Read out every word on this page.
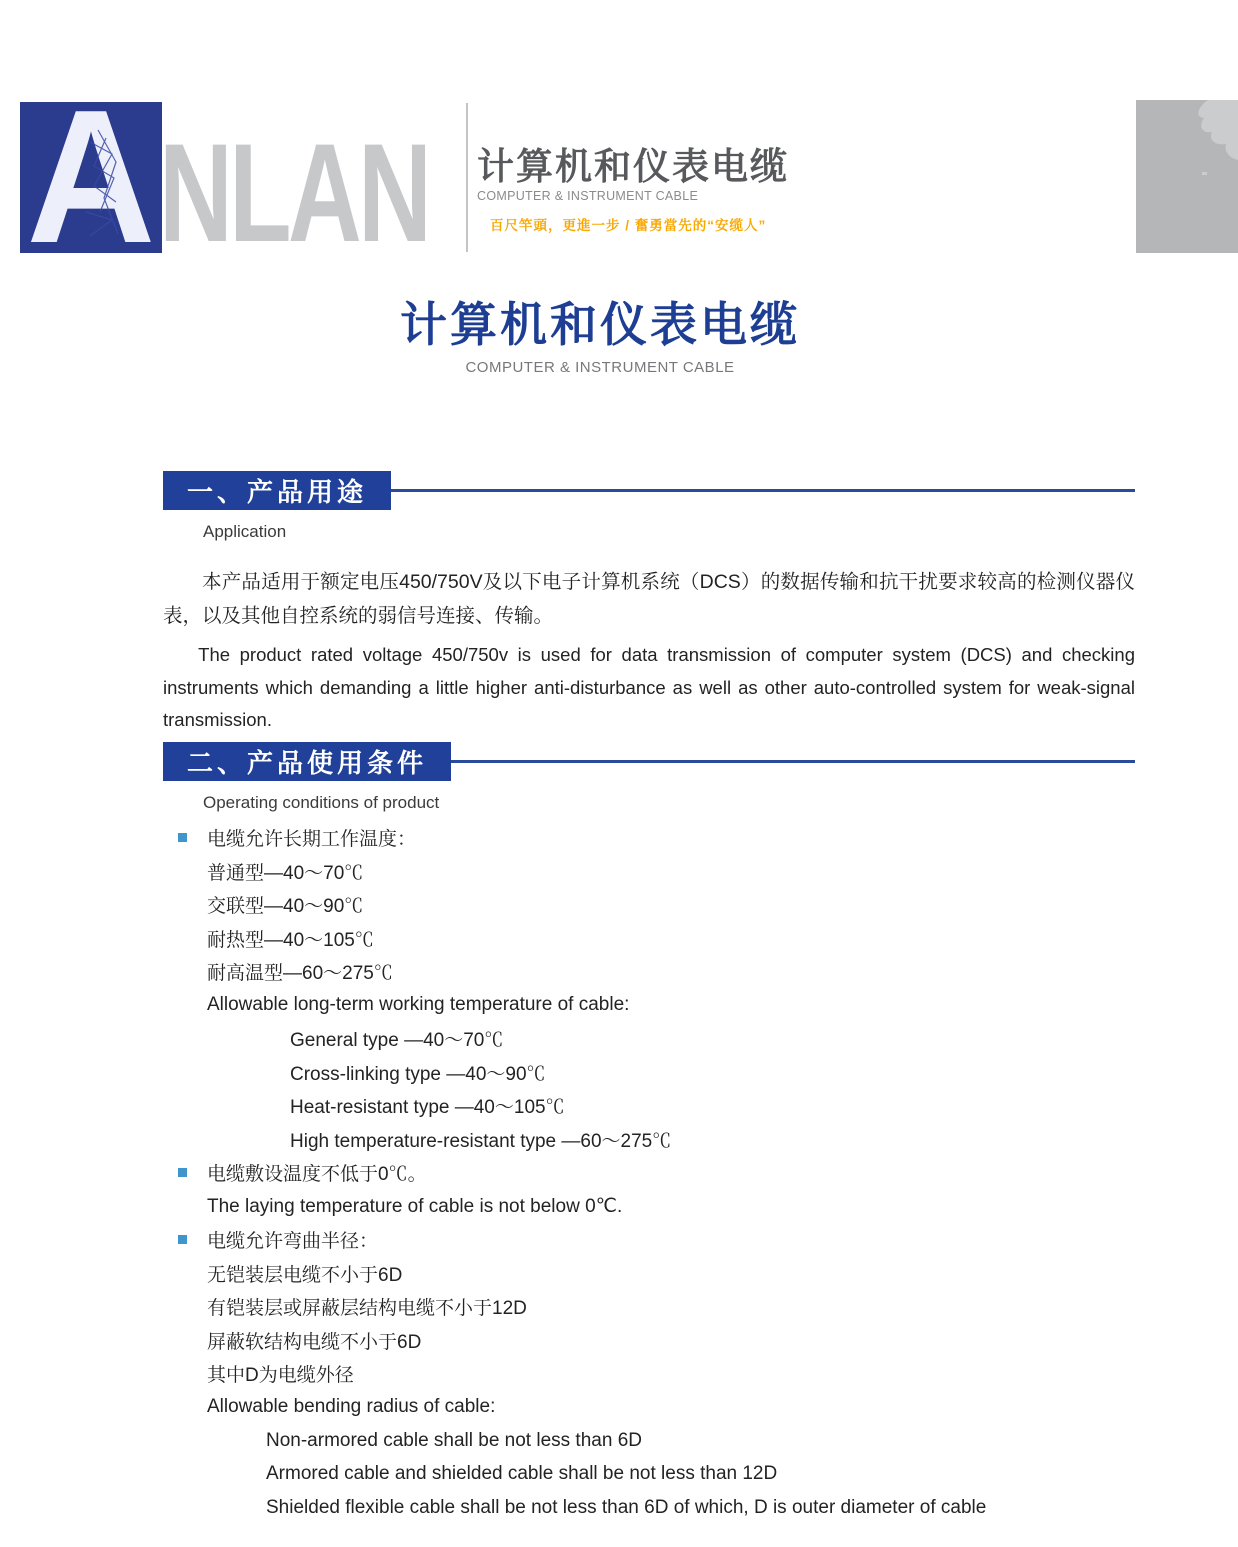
A NLAN 计算机和仪表电缆
COMPUTER & INSTRUMENT CABLE
百尺竿頭，更進一步 / 奮勇當先的“安缆人”
计算机和仪表电缆
COMPUTER & INSTRUMENT CABLE
一、产品用途
Application
本产品适用于额定电压450/750V及以下电子计算机系统（DCS）的数据传输和抗干扰要求较高的检测仪器仪表，以及其他自控系统的弱信号连接、传输。
The product rated voltage 450/750v is used for data transmission of computer system (DCS) and checking instruments which demanding a little higher anti-disturbance as well as other auto-controlled system for weak-signal transmission.
二、产品使用条件
Operating conditions of product
电缆允许长期工作温度：
普通型—40～70℃
交联型—40～90℃
耐热型—40～105℃
耐高温型—60～275℃
Allowable long-term working temperature of cable:
General type —40～70℃
Cross-linking type —40～90℃
Heat-resistant type —40～105℃
High temperature-resistant type —60～275℃
电缆敷设温度不低于0℃。
The laying temperature of cable is not below 0℃.
电缆允许弯曲半径：
无铠装层电缆不小于6D
有铠装层或屏蔽层结构电缆不小于12D
屏蔽软结构电缆不小于6D
其中D为电缆外径
Allowable bending radius of cable:
Non-armored cable shall be not less than 6D
Armored cable and shielded cable shall be not less than 12D
Shielded flexible cable shall be not less than 6D of which, D is outer diameter of cable
